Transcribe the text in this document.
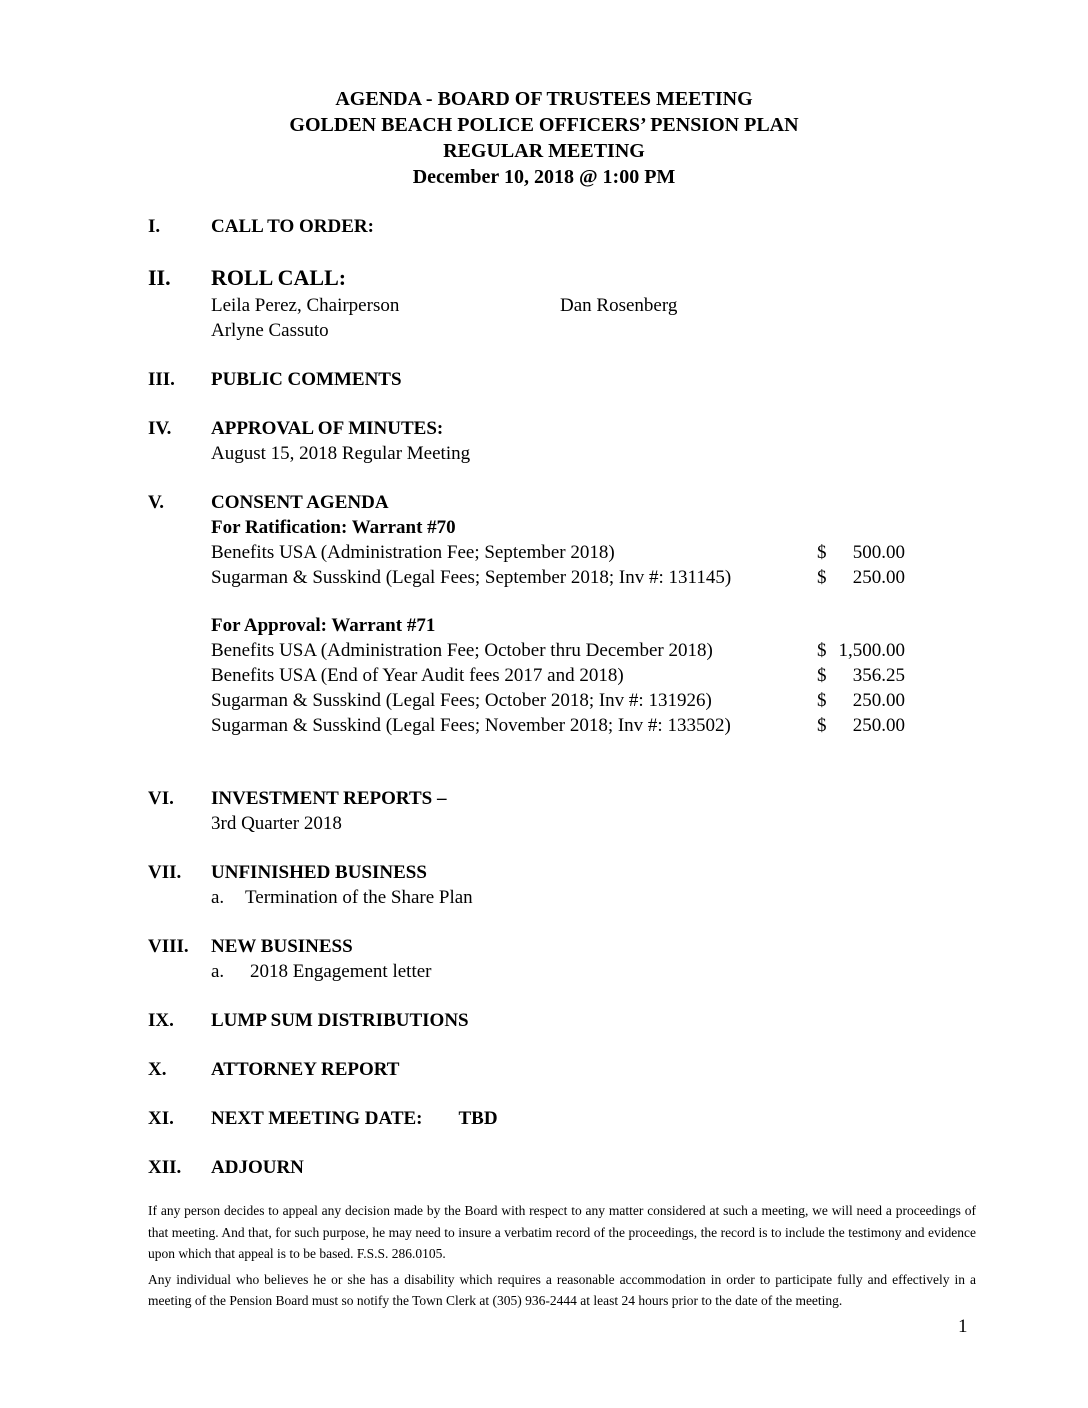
AGENDA - BOARD OF TRUSTEES MEETING
GOLDEN BEACH POLICE OFFICERS’ PENSION PLAN
REGULAR MEETING
December 10, 2018 @ 1:00 PM
I.	CALL TO ORDER:
II.	ROLL CALL:
Leila Perez, Chairperson
Arlyne Cassuto
Dan Rosenberg
III.	PUBLIC COMMENTS
IV.	APPROVAL OF MINUTES:
August 15, 2018 Regular Meeting
V.	CONSENT AGENDA
For Ratification: Warrant #70
Benefits USA (Administration Fee; September 2018)	$	500.00
Sugarman & Susskind (Legal Fees; September 2018; Inv #: 131145)	$	250.00
For Approval: Warrant #71
Benefits USA (Administration Fee; October thru December 2018)	$ 1,500.00
Benefits USA (End of Year Audit fees 2017 and 2018)	$	356.25
Sugarman & Susskind (Legal Fees; October 2018; Inv #: 131926)	$	250.00
Sugarman & Susskind (Legal Fees; November 2018; Inv #: 133502)	$	250.00
VI.	INVESTMENT REPORTS –
3rd Quarter 2018
VII.	UNFINISHED BUSINESS
a.	Termination of the Share Plan
VIII.	NEW BUSINESS
a.	2018 Engagement letter
IX.	LUMP SUM DISTRIBUTIONS
X.	ATTORNEY REPORT
XI.	NEXT MEETING DATE: TBD
XII.	ADJOURN

If any person decides to appeal any decision made by the Board with respect to any matter considered at such a meeting, we will need a proceedings of that meeting. And that, for such purpose, he may need to insure a verbatim record of the proceedings, the record is to include the testimony and evidence upon which that appeal is to be based. F.S.S. 286.0105.

Any individual who believes he or she has a disability which requires a reasonable accommodation in order to participate fully and effectively in a meeting of the Pension Board must so notify the Town Clerk at (305) 936-2444 at least 24 hours prior to the date of the meeting.

1
